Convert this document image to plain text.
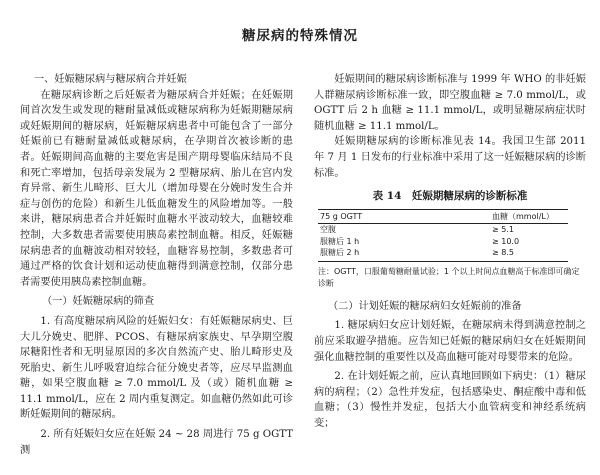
糖尿病的特殊情况

一、妊娠糖尿病与糖尿病合并妊娠

在糖尿病诊断之后妊娠者为糖尿病合并妊娠；在妊娠期间首次发生或发现的糖耐量减低或糖尿病称为妊娠期糖尿病或妊娠期间的糖尿病，妊娠糖尿病患者中可能包含了一部分妊娠前已有糖耐量减低或糖尿病，在孕期首次被诊断的患者。妊娠期间高血糖的主要危害是围产期母婴临床结局不良和死亡率增加，包括母亲发展为 2 型糖尿病、胎儿在宫内发育异常、新生儿畸形、巨大儿（增加母婴在分娩时发生合并症与创伤的危险）和新生儿低血糖发生的风险增加等。一般来讲，糖尿病患者合并妊娠时血糖水平波动较大，血糖较难控制，大多数患者需要使用胰岛素控制血糖。相反，妊娠糖尿病患者的血糖波动相对较轻，血糖容易控制，多数患者可通过严格的饮食计划和运动使血糖得到满意控制，仅部分患者需要使用胰岛素控制血糖。

（一）妊娠糖尿病的筛查

1. 有高度糖尿病风险的妊娠妇女：有妊娠糖尿病史、巨大儿分娩史、肥胖、PCOS、有糖尿病家族史、早孕期空腹尿糖阳性者和无明显原因的多次自然流产史、胎儿畸形史及死胎史、新生儿呼吸窘迫综合征分娩史者等，应尽早监测血糖，如果空腹血糖 ≥ 7.0 mmol/L 及（或）随机血糖 ≥ 11.1 mmol/L，应在 2 周内重复测定。如血糖仍然如此可诊断妊娠期间的糖尿病。

2. 所有妊娠妇女应在妊娠 24 ~ 28 周进行 75 g OGTT 测

妊娠期间的糖尿病诊断标准与 1999 年 WHO 的非妊娠人群糖尿病诊断标准一致，即空腹血糖 ≥ 7.0 mmol/L，或 OGTT 后 2 h 血糖 ≥ 11.1 mmol/L，或明显糖尿病症状时随机血糖 ≥ 11.1 mmol/L。

妊娠期糖尿病的诊断标准见表 14。我国卫生部 2011 年 7 月 1 日发布的行业标准中采用了这一妊娠糖尿病的诊断标准。

表 14　妊娠期糖尿病的诊断标准
75 g OGTT	血糖（mmol/L）
空腹	≥ 5.1
服糖后 1 h	≥ 10.0
服糖后 2 h	≥ 8.5
注：OGTT，口服葡萄糖耐量试验；1 个以上时间点血糖高于标准即可确定诊断

（二）计划妊娠的糖尿病妇女妊娠前的准备

1. 糖尿病妇女应计划妊娠，在糖尿病未得到满意控制之前应采取避孕措施。应告知已妊娠的糖尿病妇女在妊娠期间强化血糖控制的重要性以及高血糖可能对母婴带来的危险。

2. 在计划妊娠之前，应认真地回顾如下病史：（1）糖尿病的病程；（2）急性并发症，包括感染史、酮症酸中毒和低血糖；（3）慢性并发症，包括大小血管病变和神经系统病变；
